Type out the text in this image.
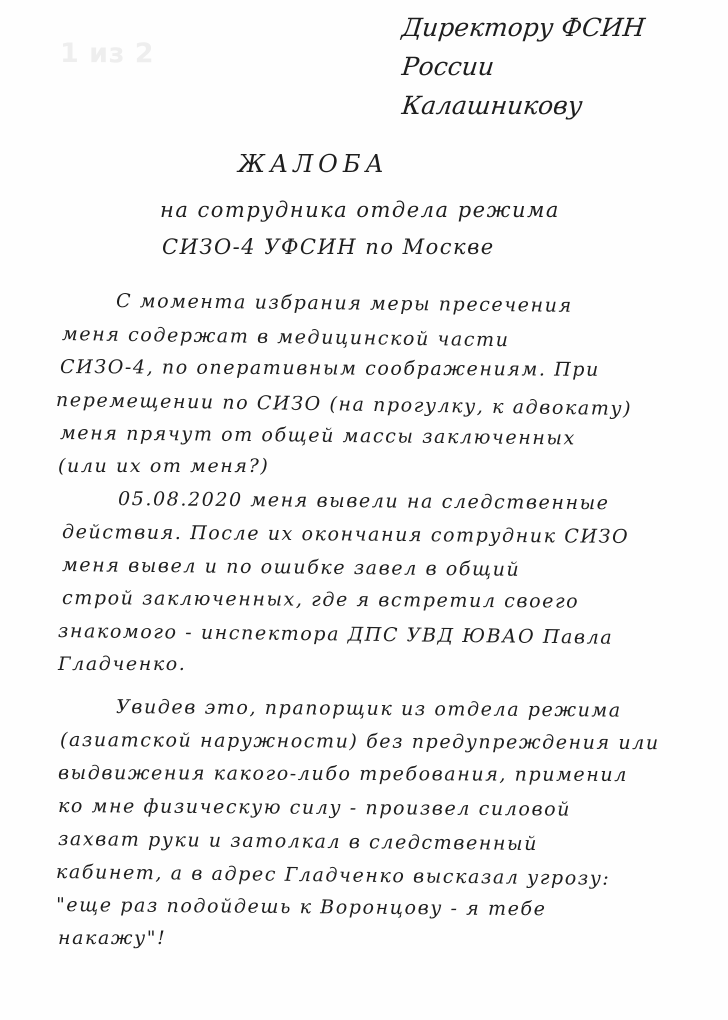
1 из 2
Директору ФСИН
России
Калашникову
ЖАЛОБА
на сотрудника отдела режима
СИЗО-4 УФСИН по Москве
С момента избрания меры пресечения
меня содержат в медицинской части
СИЗО-4, по оперативным соображениям. При
перемещении по СИЗО (на прогулку, к адвокату)
меня прячут от общей массы заключенных
(или их от меня?)
05.08.2020 меня вывели на следственные
действия. После их окончания сотрудник СИЗО
меня вывел и по ошибке завел в общий
строй заключенных, где я встретил своего
знакомого - инспектора ДПС УВД ЮВАО Павла
Гладченко.
Увидев это, прапорщик из отдела режима
(азиатской наружности) без предупреждения или
выдвижения какого-либо требования, применил
ко мне физическую силу - произвел силовой
захват руки и затолкал в следственный
кабинет, а в адрес Гладченко высказал угрозу:
"еще раз подойдешь к Воронцову - я тебе
накажу"!
